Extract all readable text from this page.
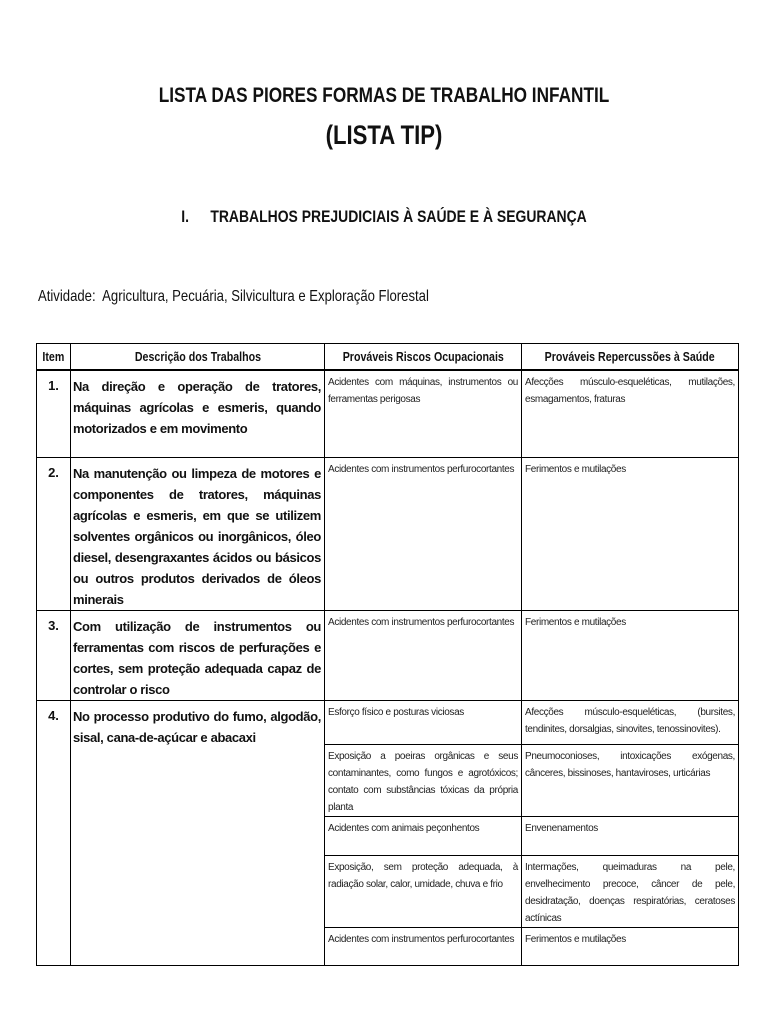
LISTA DAS PIORES FORMAS DE TRABALHO INFANTIL
(LISTA TIP)
I. TRABALHOS PREJUDICIAIS À SAÚDE E À SEGURANÇA
Atividade: Agricultura, Pecuária, Silvicultura e Exploração Florestal
Item	Descrição dos Trabalhos	Prováveis Riscos Ocupacionais	Prováveis Repercussões à Saúde
1.	Na direção e operação de tratores, máquinas agrícolas e esmeris, quando motorizados e em movimento	Acidentes com máquinas, instrumentos ou ferramentas perigosas	Afecções músculo-esqueléticas, mutilações, esmagamentos, fraturas
2.	Na manutenção ou limpeza de motores e componentes de tratores, máquinas agrícolas e esmeris, em que se utilizem solventes orgânicos ou inorgânicos, óleo diesel, desengraxantes ácidos ou básicos ou outros produtos derivados de óleos minerais	Acidentes com instrumentos perfurocortantes	Ferimentos e mutilações
3.	Com utilização de instrumentos ou ferramentas com riscos de perfurações e cortes, sem proteção adequada capaz de controlar o risco	Acidentes com instrumentos perfurocortantes	Ferimentos e mutilações
4.	No processo produtivo do fumo, algodão, sisal, cana-de-açúcar e abacaxi	Esforço físico e posturas viciosas	Afecções músculo-esqueléticas, (bursites, tendinites, dorsalgias, sinovites, tenossinovites).
		Exposição a poeiras orgânicas e seus contaminantes, como fungos e agrotóxicos; contato com substâncias tóxicas da própria planta	Pneumoconioses, intoxicações exógenas, cânceres, bissinoses, hantaviroses, urticárias
		Acidentes com animais peçonhentos	Envenenamentos
		Exposição, sem proteção adequada, à radiação solar, calor, umidade, chuva e frio	Intermações, queimaduras na pele, envelhecimento precoce, câncer de pele, desidratação, doenças respiratórias, ceratoses actínicas
		Acidentes com instrumentos perfurocortantes	Ferimentos e mutilações
